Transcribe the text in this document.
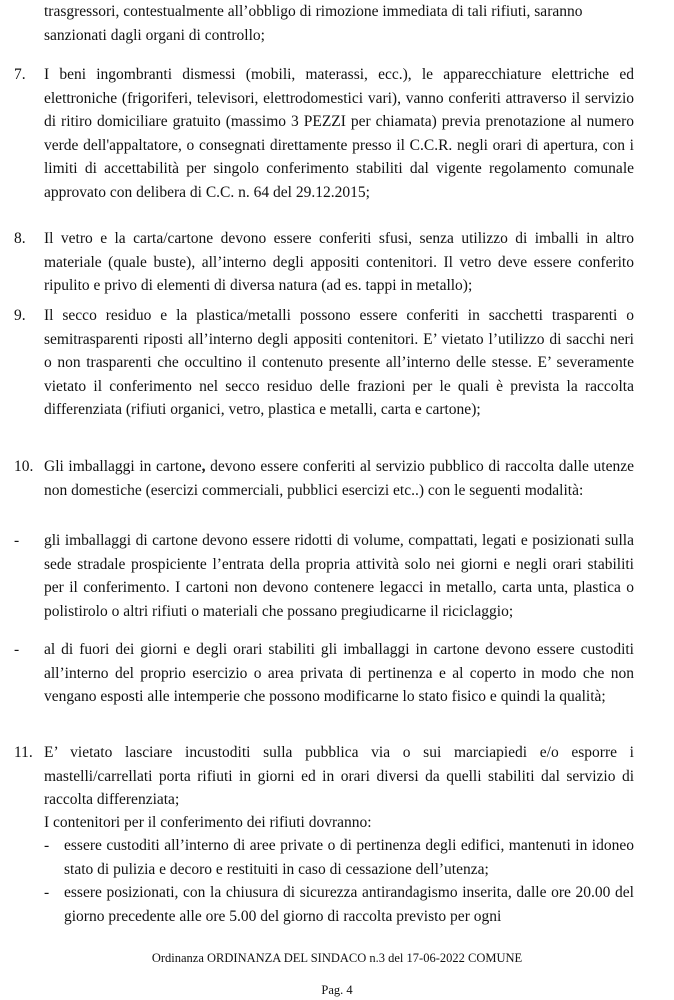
trasgressori, contestualmente all’obbligo di rimozione immediata di tali rifiuti, saranno sanzionati dagli organi di controllo;
7.	I beni ingombranti dismessi (mobili, materassi, ecc.), le apparecchiature elettriche ed elettroniche (frigoriferi, televisori, elettrodomestici vari), vanno conferiti attraverso il servizio di ritiro domiciliare gratuito (massimo 3 PEZZI per chiamata) previa prenotazione al numero verde dell'appaltatore, o consegnati direttamente presso il C.C.R. negli orari di apertura, con i limiti di accettabilità per singolo conferimento stabiliti dal vigente regolamento comunale approvato con delibera di C.C. n. 64 del 29.12.2015;
8.	Il vetro e la carta/cartone devono essere conferiti sfusi, senza utilizzo di imballi in altro materiale (quale buste), all’interno degli appositi contenitori. Il vetro deve essere conferito ripulito e privo di elementi di diversa natura (ad es. tappi in metallo);
9.	Il secco residuo e la plastica/metalli possono essere conferiti in sacchetti trasparenti o semitrasparenti riposti all’interno degli appositi contenitori. E’ vietato l’utilizzo di sacchi neri o non trasparenti che occultino il contenuto presente all’interno delle stesse. E’ severamente vietato il conferimento nel secco residuo delle frazioni per le quali è prevista la raccolta differenziata (rifiuti organici, vetro, plastica e metalli, carta e cartone);
10. Gli imballaggi in cartone, devono essere conferiti al servizio pubblico di raccolta dalle utenze non domestiche (esercizi commerciali, pubblici esercizi etc..) con le seguenti modalità:
- gli imballaggi di cartone devono essere ridotti di volume, compattati, legati e posizionati sulla sede stradale prospiciente l’entrata della propria attività solo nei giorni e negli orari stabiliti per il conferimento. I cartoni non devono contenere legacci in metallo, carta unta, plastica o polistirolo o altri rifiuti o materiali che possano pregiudicarne il riciclaggio;
- al di fuori dei giorni e degli orari stabiliti gli imballaggi in cartone devono essere custoditi all’interno del proprio esercizio o area privata di pertinenza e al coperto in modo che non vengano esposti alle intemperie che possono modificarne lo stato fisico e quindi la qualità;
11. E’ vietato lasciare incustoditi sulla pubblica via o sui marciapiedi e/o esporre i mastelli/carrellati porta rifiuti in giorni ed in orari diversi da quelli stabiliti dal servizio di raccolta differenziata;
I contenitori per il conferimento dei rifiuti dovranno:
- essere custoditi all’interno di aree private o di pertinenza degli edifici, mantenuti in idoneo stato di pulizia e decoro e restituiti in caso di cessazione dell’utenza;
- essere posizionati, con la chiusura di sicurezza antirandagismo inserita, dalle ore 20.00 del giorno precedente alle ore 5.00 del giorno di raccolta previsto per ogni
Ordinanza ORDINANZA DEL SINDACO n.3 del 17-06-2022 COMUNE
Pag. 4
